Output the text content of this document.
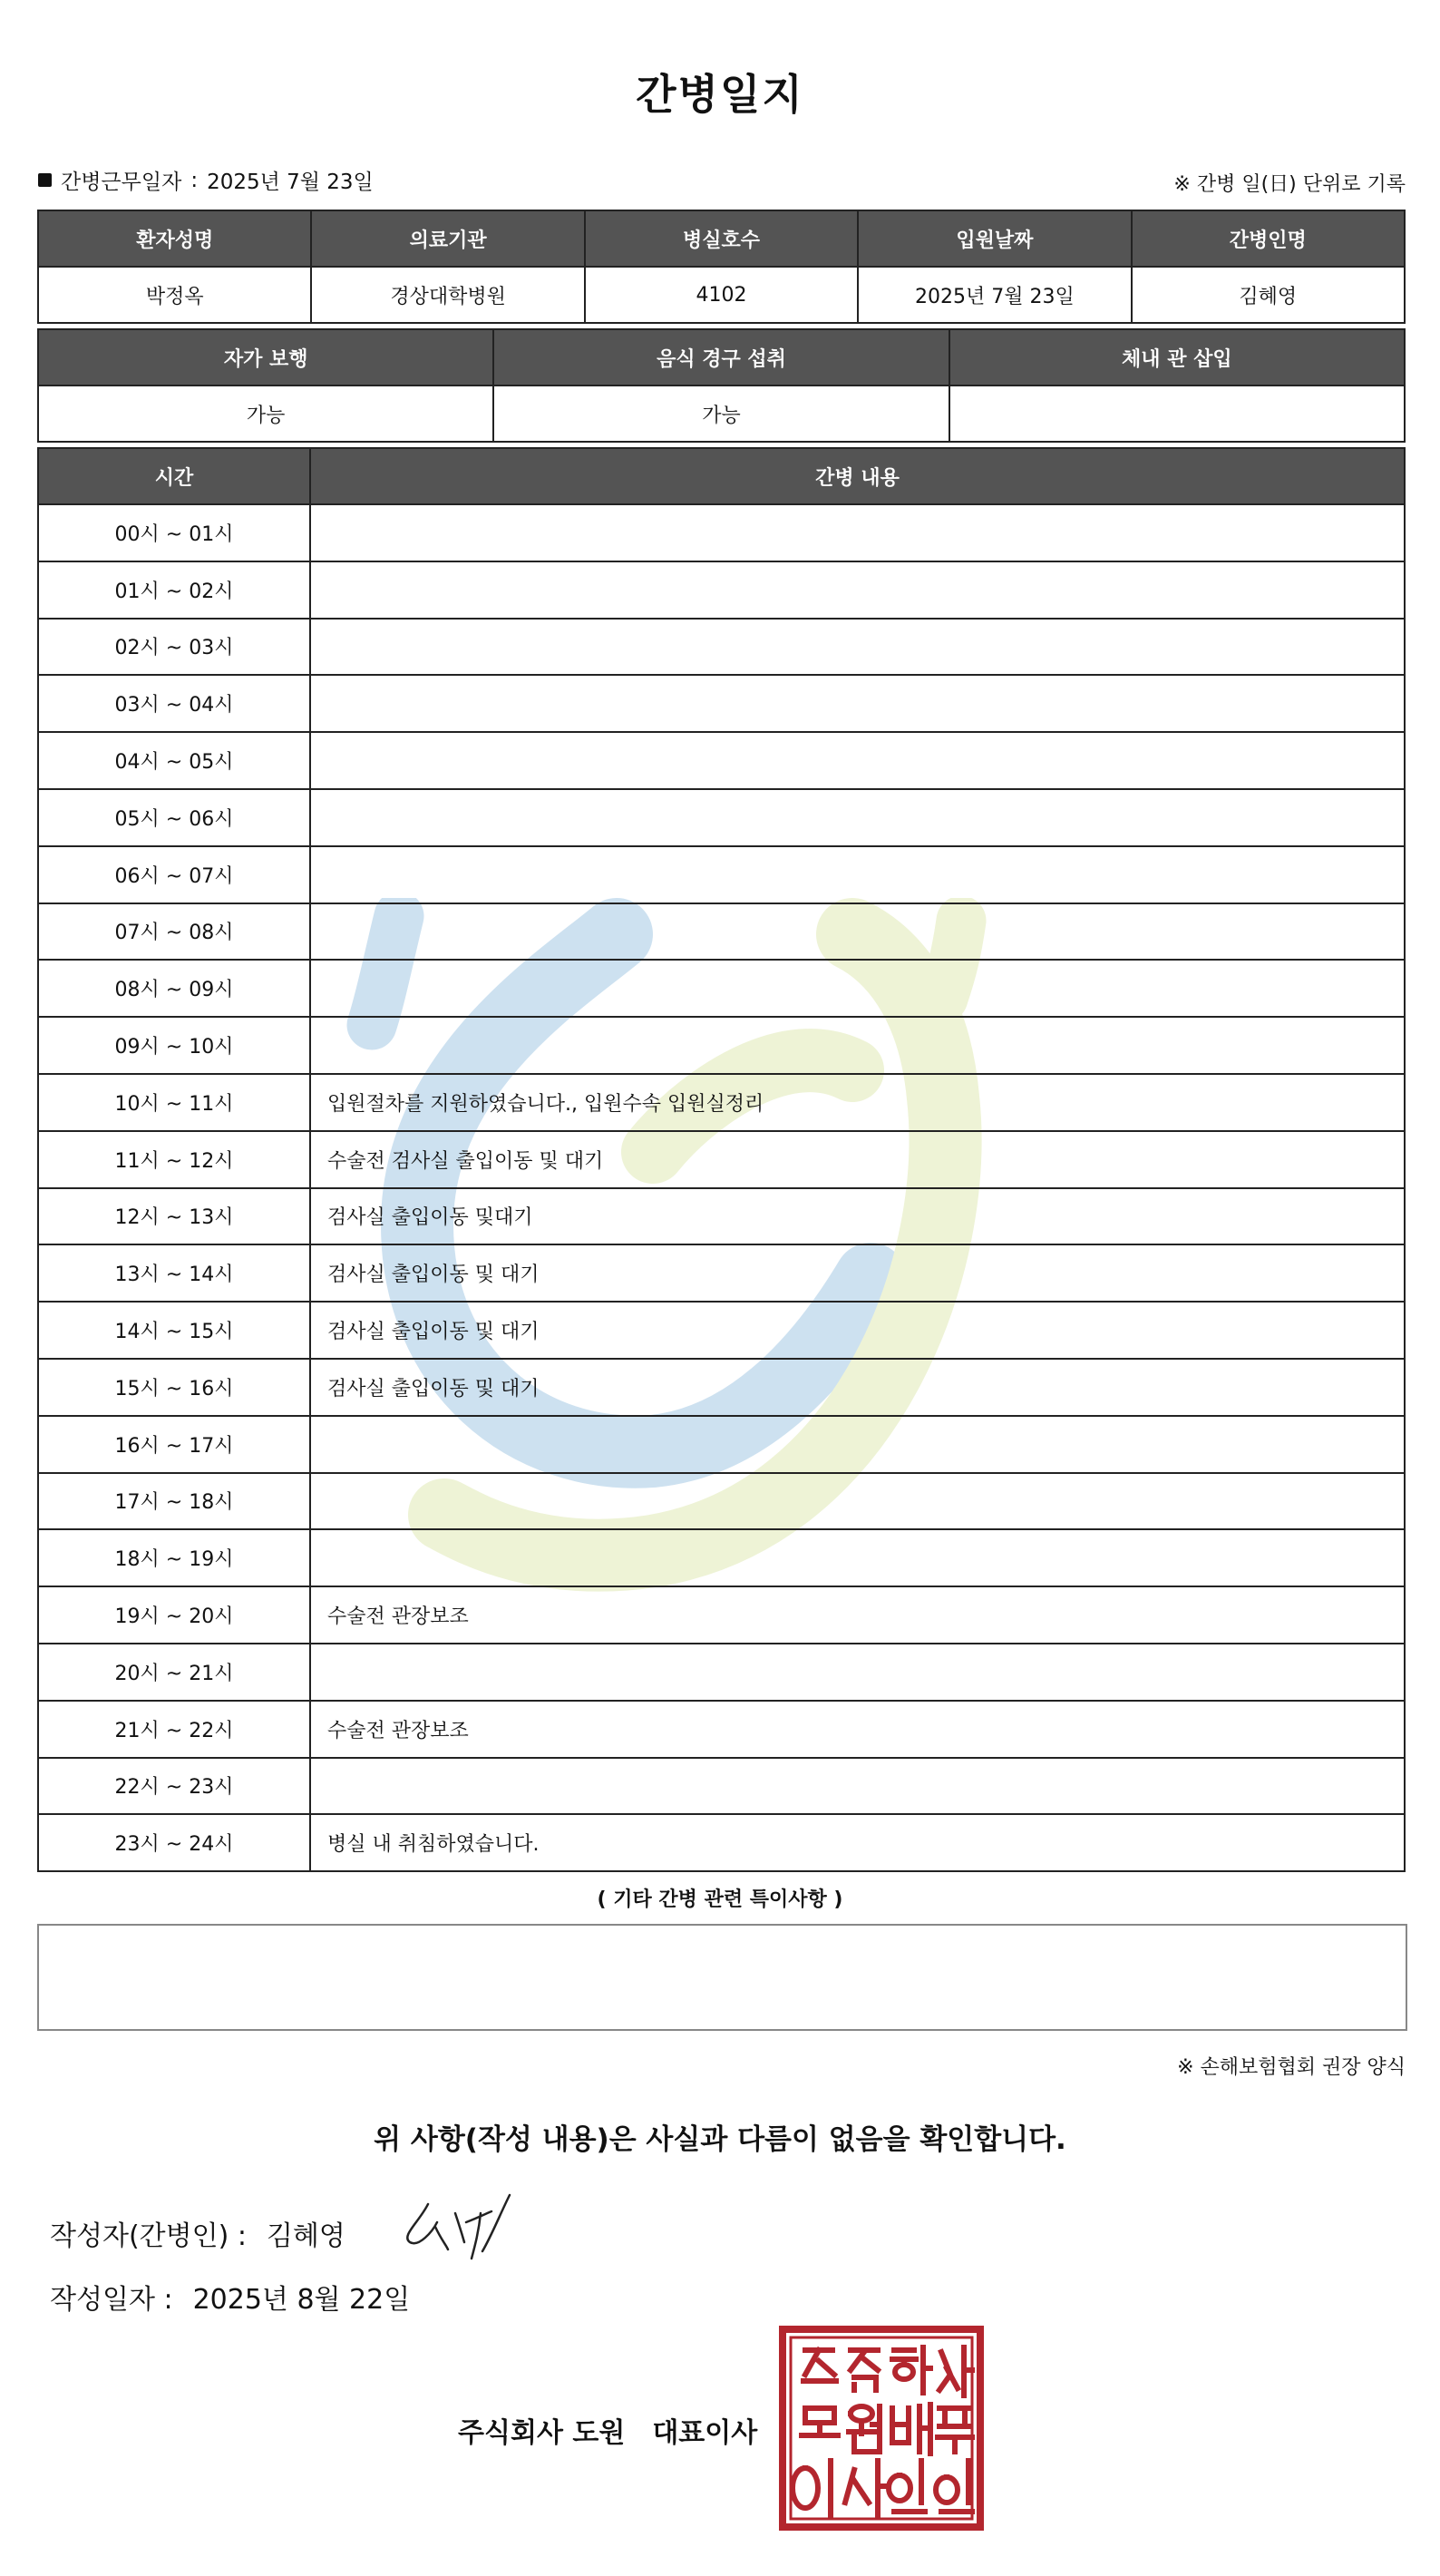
간병일지
간병근무일자 : 2025년 7월 23일	※ 간병 일(日) 단위로 기록
환자성명	의료기관	병실호수	입원날짜	간병인명
박정옥	경상대학병원	4102	2025년 7월 23일	김혜영
자가 보행	음식 경구 섭취	체내 관 삽입
가능	가능	
시간	간병 내용
00시 ~ 01시	
01시 ~ 02시	
02시 ~ 03시	
03시 ~ 04시	
04시 ~ 05시	
05시 ~ 06시	
06시 ~ 07시	
07시 ~ 08시	
08시 ~ 09시	
09시 ~ 10시	
10시 ~ 11시	입원절차를 지원하였습니다., 입원수속 입원실정리
11시 ~ 12시	수술전 검사실 출입이동 및 대기
12시 ~ 13시	검사실 출입이동 및대기
13시 ~ 14시	검사실 출입이동 및 대기
14시 ~ 15시	검사실 출입이동 및 대기
15시 ~ 16시	검사실 출입이동 및 대기
16시 ~ 17시	
17시 ~ 18시	
18시 ~ 19시	
19시 ~ 20시	수술전 관장보조
20시 ~ 21시	
21시 ~ 22시	수술전 관장보조
22시 ~ 23시	
23시 ~ 24시	병실 내 취침하였습니다.
( 기타 간병 관련 특이사항 )
※ 손해보험협회 권장 양식
위 사항(작성 내용)은 사실과 다름이 없음을 확인합니다.
작성자(간병인) : 김혜영
작성일자 : 2025년 8월 22일
주식회사 도원 대표이사
